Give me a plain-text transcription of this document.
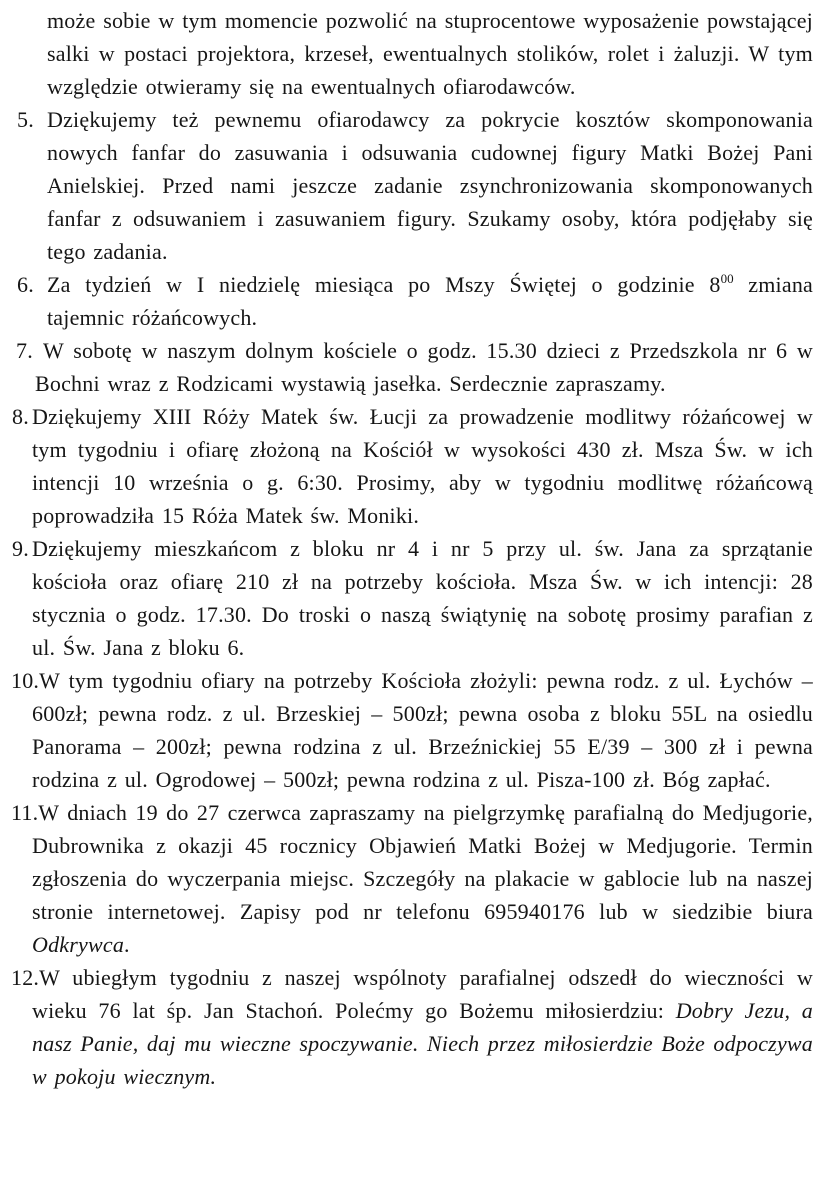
może sobie w tym momencie pozwolić na stuprocentowe wyposażenie powstającej salki w postaci projektora, krzeseł, ewentualnych stolików, rolet i żaluzji. W tym względzie otwieramy się na ewentualnych ofiarodawców.

5. Dziękujemy też pewnemu ofiarodawcy za pokrycie kosztów skomponowania nowych fanfar do zasuwania i odsuwania cudownej figury Matki Bożej Pani Anielskiej. Przed nami jeszcze zadanie zsynchronizowania skomponowanych fanfar z odsuwaniem i zasuwaniem figury. Szukamy osoby, która podjęłaby się tego zadania.

6. Za tydzień w I niedzielę miesiąca po Mszy Świętej o godzinie $8^{00}$ zmiana tajemnic różańcowych.

7. W sobotę w naszym dolnym kościele o godz. 15.30 dzieci z Przedszkola nr 6 w Bochni wraz z Rodzicami wystawią jasełka. Serdecznie zapraszamy.

8. Dziękujemy XIII Róży Matek św. Łucji za prowadzenie modlitwy różańcowej w tym tygodniu i ofiarę złożoną na Kościół w wysokości 430 zł. Msza Św. w ich intencji 10 września o g. 6:30. Prosimy, aby w tygodniu modlitwę różańcową poprowadziła 15 Róża Matek św. Moniki.

9. Dziękujemy mieszkańcom z bloku nr 4 i nr 5 przy ul. św. Jana za sprzątanie kościoła oraz ofiarę 210 zł na potrzeby kościoła. Msza Św. w ich intencji: 28 stycznia o godz. 17.30. Do troski o naszą świątynię na sobotę prosimy parafian z ul. Św. Jana z bloku 6.

10.W tym tygodniu ofiary na potrzeby Kościoła złożyli: pewna rodz. z ul. Łychów – 600zł; pewna rodz. z ul. Brzeskiej – 500zł; pewna osoba z bloku 55L na osiedlu Panorama – 200zł; pewna rodzina z ul. Brzeźnickiej 55 E/39 – 300 zł i pewna rodzina z ul. Ogrodowej – 500zł; pewna rodzina z ul. Pisza-100 zł. Bóg zapłać.

11.W dniach 19 do 27 czerwca zapraszamy na pielgrzymkę parafialną do Medjugorie, Dubrownika z okazji 45 rocznicy Objawień Matki Bożej w Medjugorie. Termin zgłoszenia do wyczerpania miejsc. Szczegóły na plakacie w gablocie lub na naszej stronie internetowej. Zapisy pod nr telefonu 695940176 lub w siedzibie biura Odkrywca.

12.W ubiegłym tygodniu z naszej wspólnoty parafialnej odszedł do wieczności w wieku 76 lat śp. Jan Stachoń. Polećmy go Bożemu miłosierdziu: Dobry Jezu, a nasz Panie, daj mu wieczne spoczywanie. Niech przez miłosierdzie Boże odpoczywa w pokoju wiecznym.
